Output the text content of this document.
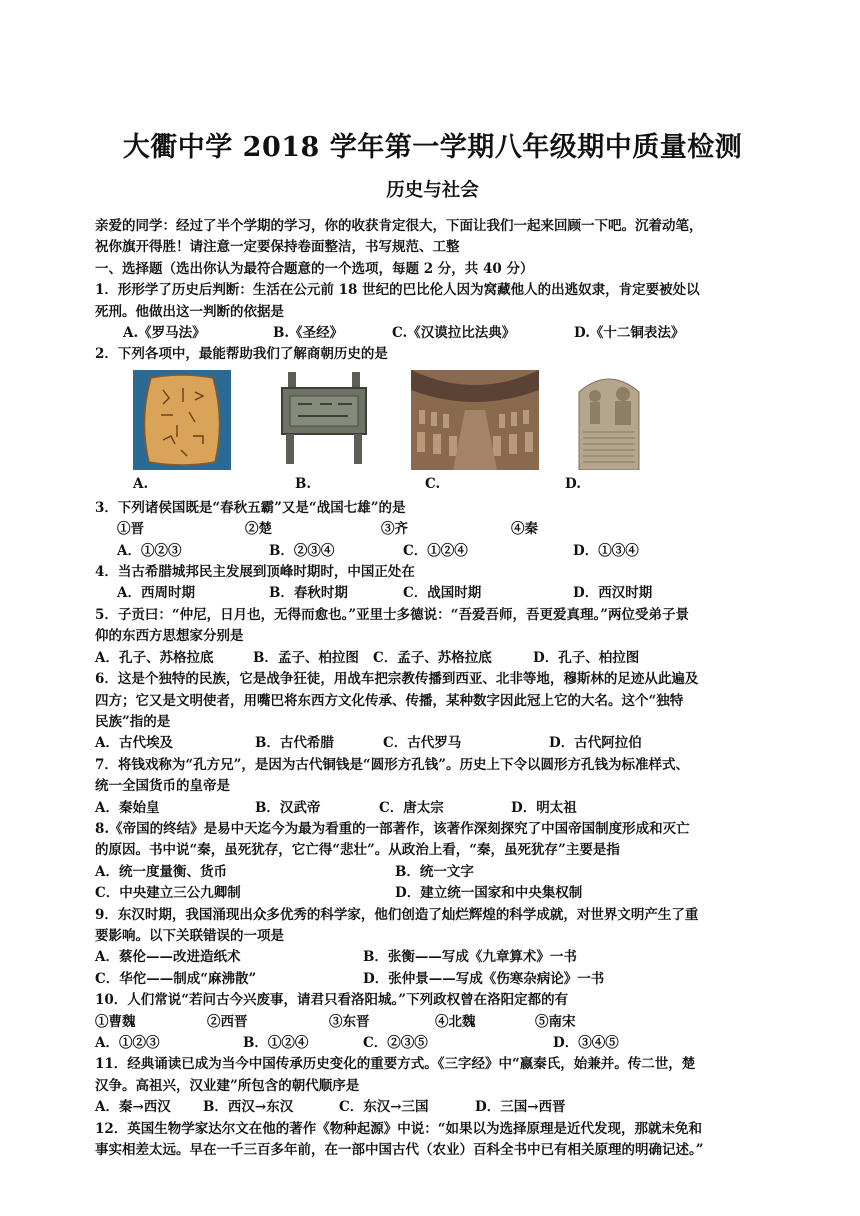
大衢中学 2018 学年第一学期八年级期中质量检测
历史与社会
亲爱的同学：经过了半个学期的学习，你的收获肯定很大，下面让我们一起来回顾一下吧。沉着动笔，
祝你旗开得胜！请注意一定要保持卷面整洁，书写规范、工整
一、选择题（选出你认为最符合题意的一个选项，每题 2 分，共 40 分）
1．形形学了历史后判断：生活在公元前 18 世纪的巴比伦人因为窝藏他人的出逃奴隶，肯定要被处以
死刑。他做出这一判断的依据是
A.《罗马法》	B.《圣经》	C.《汉谟拉比法典》	D.《十二铜表法》
2．下列各项中，最能帮助我们了解商朝历史的是
A.	B.	C.	D.
3．下列诸侯国既是“春秋五霸”又是“战国七雄”的是
①晋	②楚	③齐	④秦
A．①②③	B．②③④	C．①②④	D．①③④
4．当古希腊城邦民主发展到顶峰时期时，中国正处在
A．西周时期	B．春秋时期	C．战国时期	D．西汉时期
5．子贡曰：“仲尼，日月也，无得而愈也。”亚里士多德说：“吾爱吾师，吾更爱真理。”两位受弟子景
仰的东西方思想家分别是
A．孔子、苏格拉底	B．孟子、柏拉图 C．孟子、苏格拉底	D．孔子、柏拉图
6．这是个独特的民族，它是战争狂徒，用战车把宗教传播到西亚、北非等地，穆斯林的足迹从此遍及
四方；它又是文明使者，用嘴巴将东西方文化传承、传播，某种数字因此冠上它的大名。这个“独特
民族”指的是
A．古代埃及	B．古代希腊	C．古代罗马	D．古代阿拉伯
7．将钱戏称为“孔方兄”，是因为古代铜钱是“圆形方孔钱”。历史上下令以圆形方孔钱为标准样式、
统一全国货币的皇帝是
A．秦始皇	B．汉武帝	C．唐太宗	D．明太祖
8.《帝国的终结》是易中天迄今为最为看重的一部著作，该著作深刻探究了中国帝国制度形成和灭亡
的原因。书中说“秦，虽死犹存，它亡得“悲壮”。从政治上看，“秦，虽死犹存”主要是指
A．统一度量衡、货币	B．统一文字
C．中央建立三公九卿制	D．建立统一国家和中央集权制
9．东汉时期，我国涌现出众多优秀的科学家，他们创造了灿烂辉煌的科学成就，对世界文明产生了重
要影响。以下关联错误的一项是
A．蔡伦——改进造纸术	B．张衡——写成《九章算术》一书
C．华佗——制成“麻沸散”	D．张仲景——写成《伤寒杂病论》一书
10．人们常说“若问古今兴废事，请君只看洛阳城。”下列政权曾在洛阳定都的有
①曹魏	②西晋	③东晋	④北魏	⑤南宋
A．①②③	B．①②④	C．②③⑤	D．③④⑤
11．经典诵读已成为当今中国传承历史变化的重要方式。《三字经》中“嬴秦氏，始兼并。传二世，楚
汉争。高祖兴，汉业建”所包含的朝代顺序是
A．秦→西汉 B．西汉→东汉	C．东汉→三国	D．三国→西晋
12．英国生物学家达尔文在他的著作《物种起源》中说：“如果以为选择原理是近代发现，那就未免和
事实相差太远。早在一千三百多年前，在一部中国古代（农业）百科全书中已有相关原理的明确记述。”
